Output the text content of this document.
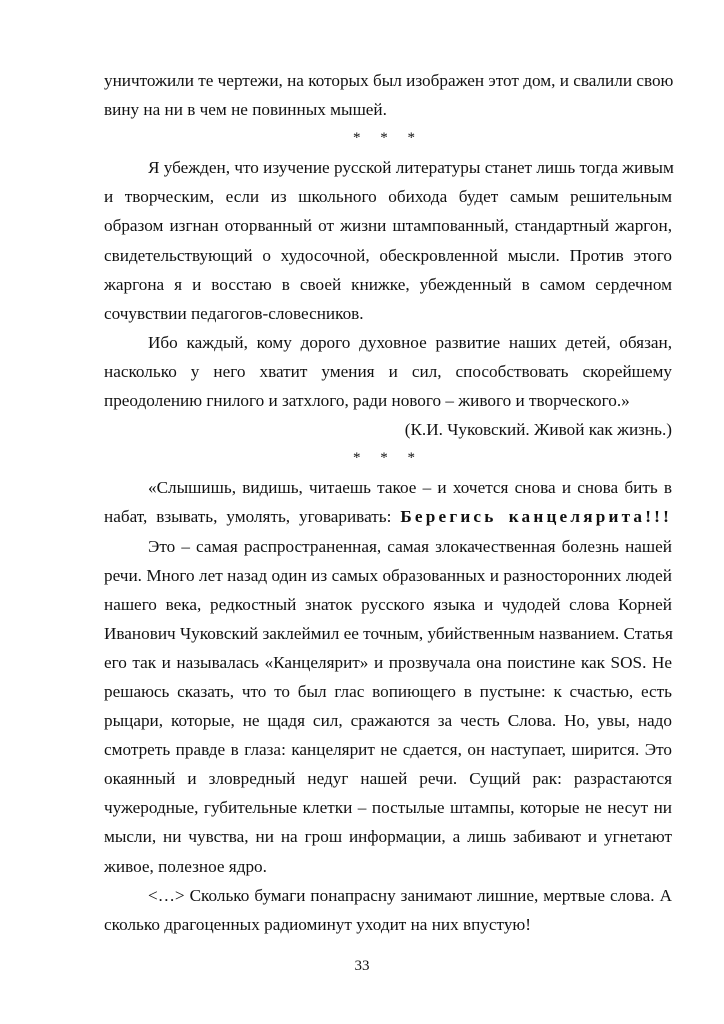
уничтожили те чертежи, на которых был изображен этот дом, и свалили свою
вину на ни в чем не повинных мышей.
* * *
Я убежден, что изучение русской литературы станет лишь тогда живым
и творческим, если из школьного обихода будет самым решительным
образом изгнан оторванный от жизни штампованный, стандартный жаргон,
свидетельствующий о худосочной, обескровленной мысли. Против этого
жаргона я и восстаю в своей книжке, убежденный в самом сердечном
сочувствии педагогов-словесников.
Ибо каждый, кому дорого духовное развитие наших детей, обязан,
насколько у него хватит умения и сил, способствовать скорейшему
преодолению гнилого и затхлого, ради нового – живого и творческого.»
(К.И. Чуковский. Живой как жизнь.)
* * *
«Слышишь, видишь, читаешь такое – и хочется снова и снова бить в
набат, взывать, умолять, уговаривать: Берегись канцелярита!!!
Это – самая распространенная, самая злокачественная болезнь нашей
речи. Много лет назад один из самых образованных и разносторонних людей
нашего века, редкостный знаток русского языка и чудодей слова Корней
Иванович Чуковский заклеймил ее точным, убийственным названием. Статья
его так и называлась «Канцелярит» и прозвучала она поистине как SOS. Не
решаюсь сказать, что то был глас вопиющего в пустыне: к счастью, есть
рыцари, которые, не щадя сил, сражаются за честь Слова. Но, увы, надо
смотреть правде в глаза: канцелярит не сдается, он наступает, ширится. Это
окаянный и зловредный недуг нашей речи. Сущий рак: разрастаются
чужеродные, губительные клетки – постылые штампы, которые не несут ни
мысли, ни чувства, ни на грош информации, а лишь забивают и угнетают
живое, полезное ядро.
<…> Сколько бумаги понапрасну занимают лишние, мертвые слова. А
сколько драгоценных радиоминут уходит на них впустую!
33
